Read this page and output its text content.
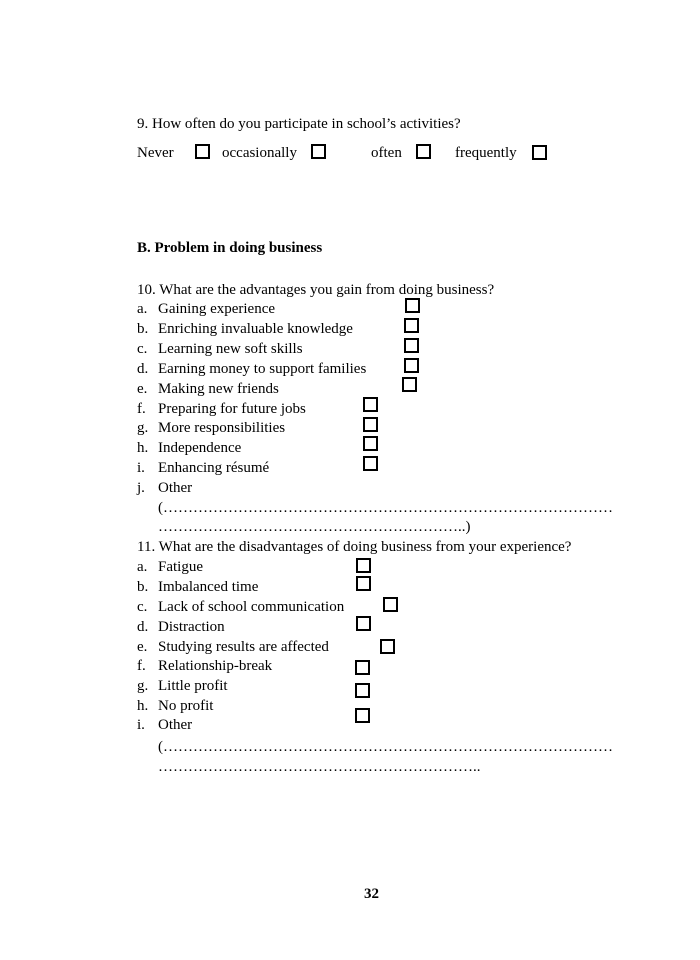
9. How often do you participate in school’s activities?
Never	occasionally	often	frequently
B. Problem in doing business
10. What are the advantages you gain from doing business?
a. Gaining experience
b. Enriching invaluable knowledge
c. Learning new soft skills
d. Earning money to support families
e. Making new friends
f. Preparing for future jobs
g. More responsibilities
h. Independence
i. Enhancing résumé
j. Other
(………………………………………………………………………………
……………………………………………………..)
11. What are the disadvantages of doing business from your experience?
a. Fatigue
b. Imbalanced time
c. Lack of school communication
d. Distraction
e. Studying results are affected
f. Relationship-break
g. Little profit
h. No profit
i. Other
(………………………………………………………………………………
………………………………………………………..
32
